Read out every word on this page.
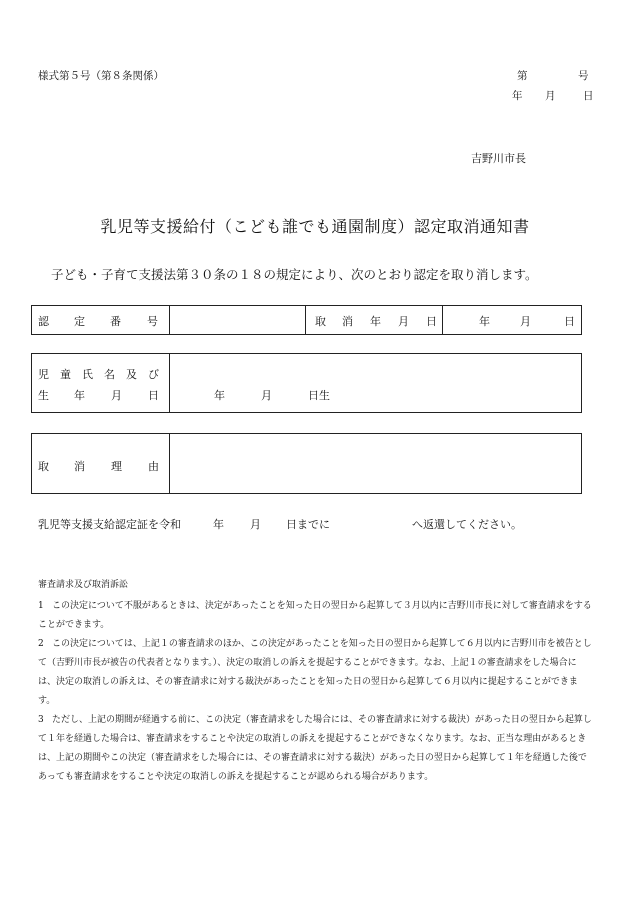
様式第５号（第８条関係）	第	号
年 月	日
吉野川市長
乳児等支援給付（こども誰でも通園制度）認定取消通知書
子ども・子育て支援法第３０条の１８の規定により、次のとおり認定を取り消します。
認 定 番 号	取 消 年 月 日	年	月	日
児 童 氏 名 及 び
生 年 月 日	年	月	日生
取 消 理 由
乳児等支援支給認定証を令和	年 月 日までに	へ返還してください。
審査請求及び取消訴訟
1 この決定について不服があるときは、決定があったことを知った日の翌日から起算して３月以内に吉野川市長に対して審査請求をすることができます。
2 この決定については、上記１の審査請求のほか、この決定があったことを知った日の翌日から起算して６月以内に吉野川市を被告として（吉野川市長が被告の代表者となります。）、決定の取消しの訴えを提起することができます。なお、上記１の審査請求をした場合には、決定の取消しの訴えは、その審査請求に対する裁決があったことを知った日の翌日から起算して６月以内に提起することができます。
3 ただし、上記の期間が経過する前に、この決定（審査請求をした場合には、その審査請求に対する裁決）があった日の翌日から起算して１年を経過した場合は、審査請求をすることや決定の取消しの訴えを提起することができなくなります。なお、正当な理由があるときは、上記の期間やこの決定（審査請求をした場合には、その審査請求に対する裁決）があった日の翌日から起算して１年を経過した後であっても審査請求をすることや決定の取消しの訴えを提起することが認められる場合があります。
